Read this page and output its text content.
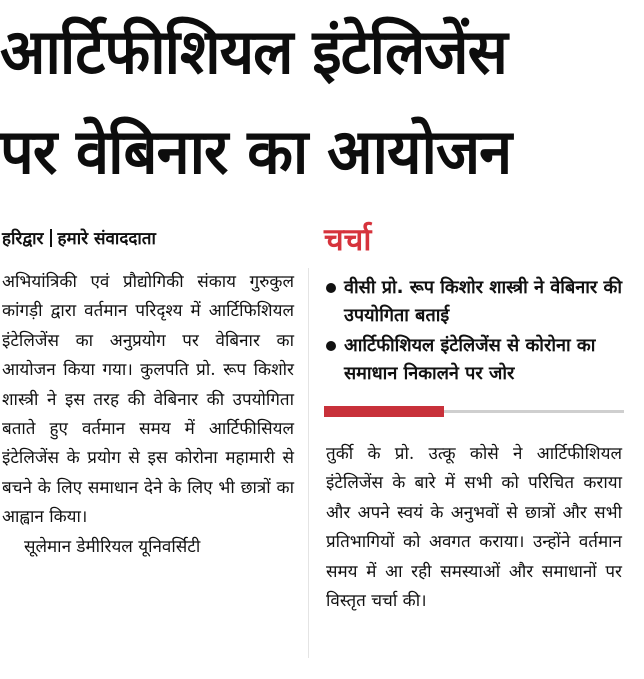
आर्टिफीशियल इंटेलिजेंस
पर वेबिनार का आयोजन
हरिद्वार हमारे संवाददाता

अभियांत्रिकी एवं प्रौद्योगिकी संकाय गुरुकुल कांगड़ी द्वारा वर्तमान परिदृश्य में आर्टिफिशियल इंटेलिजेंस का अनुप्रयोग पर वेबिनार का आयोजन किया गया। कुलपति प्रो. रूप किशोर शास्त्री ने इस तरह की वेबिनार की उपयोगिता बताते हुए वर्तमान समय में आर्टिफीसियल इंटेलिजेंस के प्रयोग से इस कोरोना महामारी से बचने के लिए समाधान देने के लिए भी छात्रों का आह्वान किया।

सूलेमान डेमीरियल यूनिवर्सिटी

चर्चा
वीसी प्रो. रूप किशोर शास्त्री ने वेबिनार की उपयोगिता बताई
आर्टिफीशियल इंटेलिजेंस से कोरोना का समाधान निकालने पर जोर

तुर्की के प्रो. उत्कू कोसे ने आर्टिफीशियल इंटेलिजेंस के बारे में सभी को परिचित कराया और अपने स्वयं के अनुभवों से छात्रों और सभी प्रतिभागियों को अवगत कराया। उन्होंने वर्तमान समय में आ रही समस्याओं और समाधानों पर विस्तृत चर्चा की।
